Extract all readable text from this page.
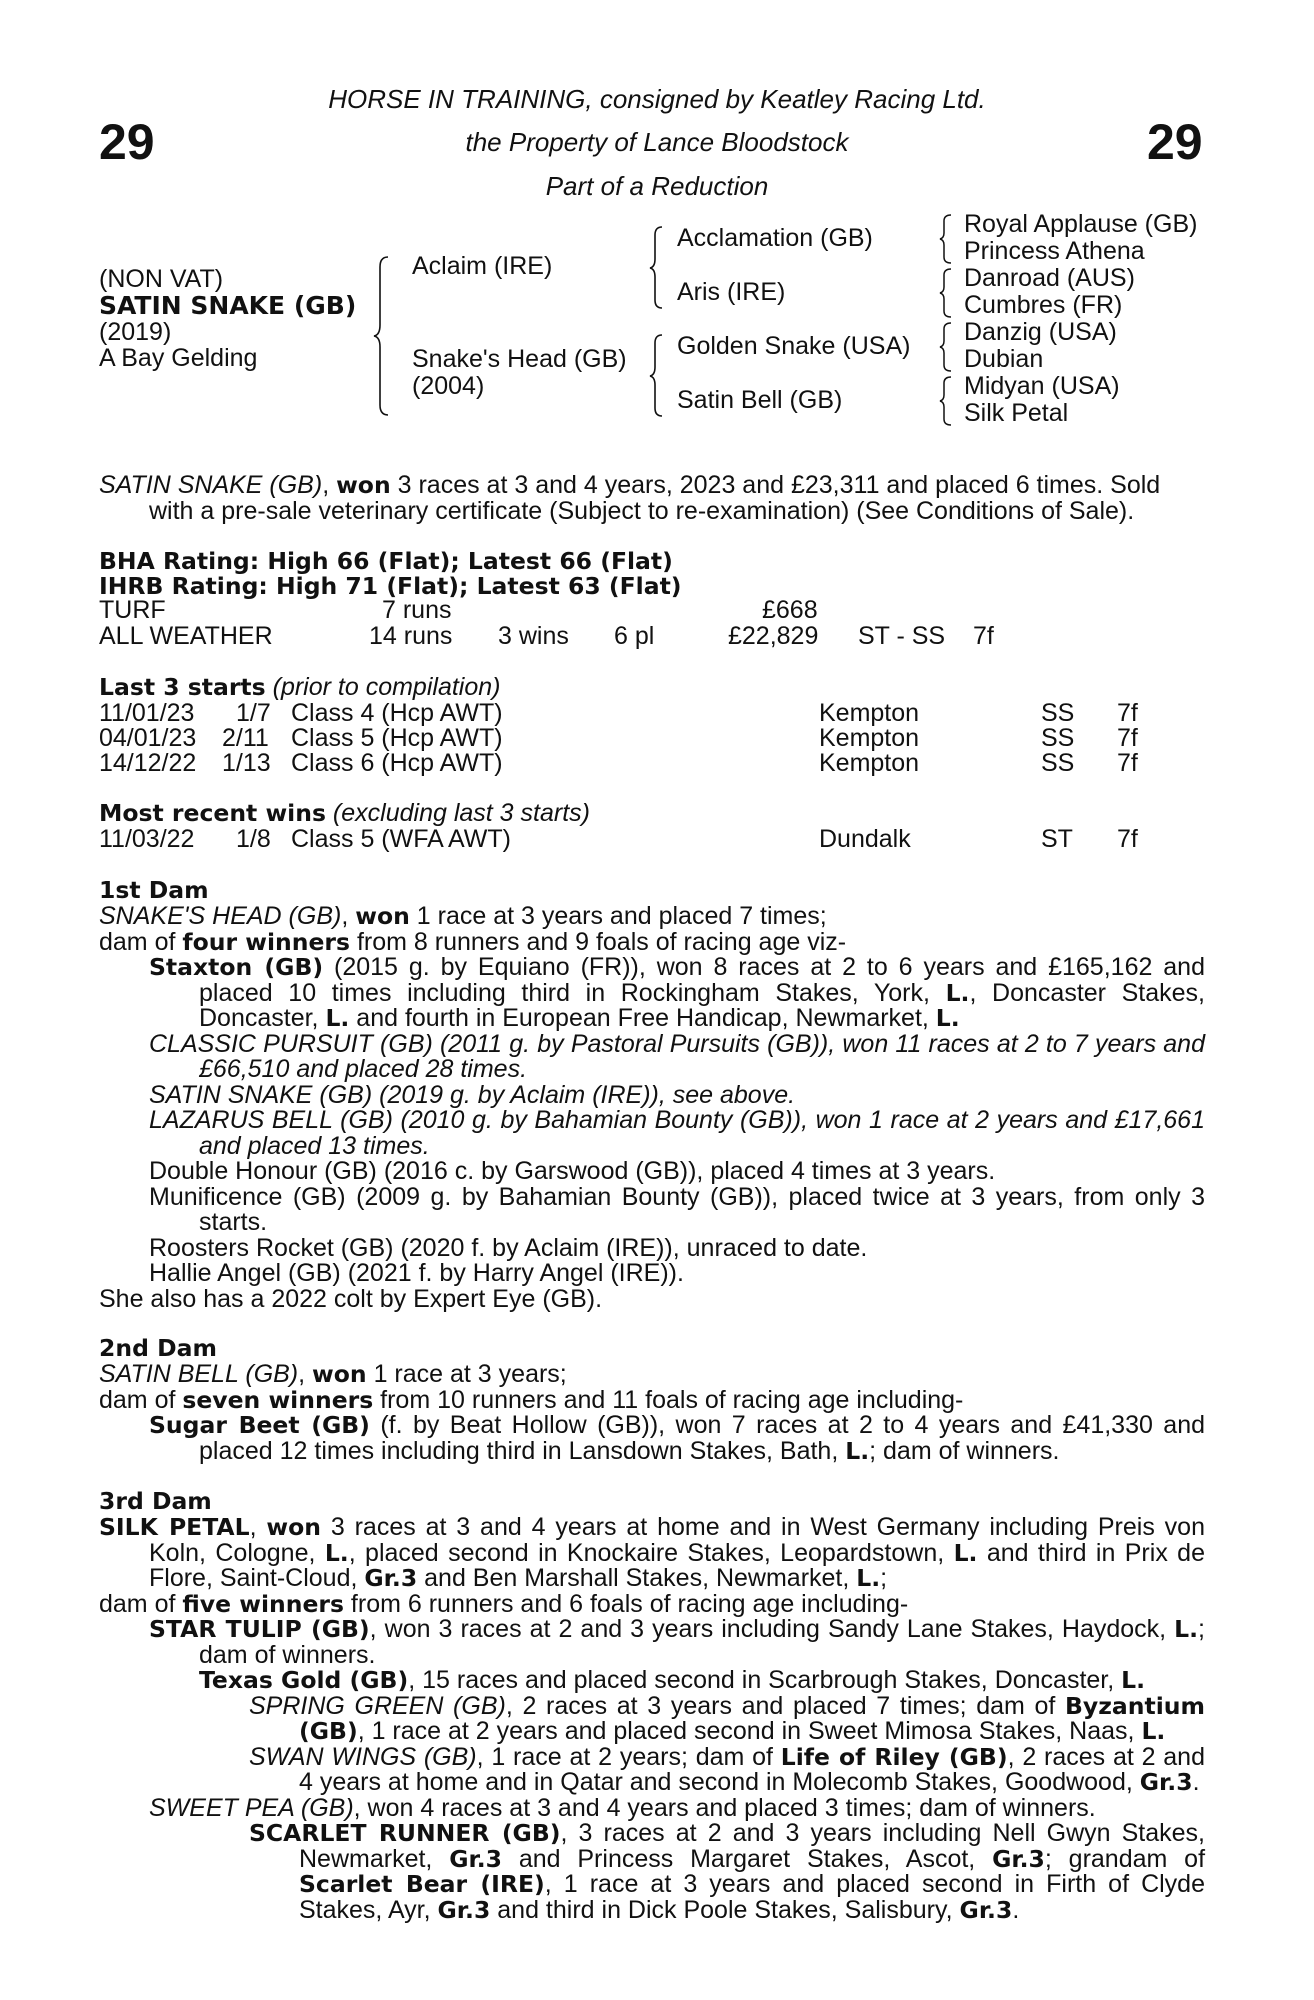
29	29
HORSE IN TRAINING, consigned by Keatley Racing Ltd.
the Property of Lance Bloodstock
Part of a Reduction
(NON VAT)
SATIN SNAKE (GB)
(2019)
A Bay Gelding
Aclaim (IRE)
Snake's Head (GB)
(2004)
Acclamation (GB)
Aris (IRE)
Golden Snake (USA)
Satin Bell (GB)
Royal Applause (GB)
Princess Athena
Danroad (AUS)
Cumbres (FR)
Danzig (USA)
Dubian
Midyan (USA)
Silk Petal
SATIN SNAKE (GB), won 3 races at 3 and 4 years, 2023 and £23,311 and placed 6 times. Sold
with a pre-sale veterinary certificate (Subject to re-examination) (See Conditions of Sale).
BHA Rating: High 66 (Flat); Latest 66 (Flat)
IHRB Rating: High 71 (Flat); Latest 63 (Flat)
TURF	7 runs	£668
ALL WEATHER	14 runs 3 wins 6 pl	£22,829 ST - SS 7f
Last 3 starts (prior to compilation)
11/01/23 1/7 Class 4 (Hcp AWT)	Kempton	SS 7f
04/01/23 2/11 Class 5 (Hcp AWT)	Kempton	SS 7f
14/12/22 1/13 Class 6 (Hcp AWT)	Kempton	SS 7f
Most recent wins (excluding last 3 starts)
11/03/22 1/8 Class 5 (WFA AWT)	Dundalk	ST 7f
1st Dam
SNAKE'S HEAD (GB), won 1 race at 3 years and placed 7 times;
dam of four winners from 8 runners and 9 foals of racing age viz-
Staxton (GB) (2015 g. by Equiano (FR)), won 8 races at 2 to 6 years and £165,162 and placed 10 times including third in Rockingham Stakes, York, L., Doncaster Stakes, Doncaster, L. and fourth in European Free Handicap, Newmarket, L.
CLASSIC PURSUIT (GB) (2011 g. by Pastoral Pursuits (GB)), won 11 races at 2 to 7 years and £66,510 and placed 28 times.
SATIN SNAKE (GB) (2019 g. by Aclaim (IRE)), see above.
LAZARUS BELL (GB) (2010 g. by Bahamian Bounty (GB)), won 1 race at 2 years and £17,661 and placed 13 times.
Double Honour (GB) (2016 c. by Garswood (GB)), placed 4 times at 3 years.
Munificence (GB) (2009 g. by Bahamian Bounty (GB)), placed twice at 3 years, from only 3 starts.
Roosters Rocket (GB) (2020 f. by Aclaim (IRE)), unraced to date.
Hallie Angel (GB) (2021 f. by Harry Angel (IRE)).
She also has a 2022 colt by Expert Eye (GB).
2nd Dam
SATIN BELL (GB), won 1 race at 3 years;
dam of seven winners from 10 runners and 11 foals of racing age including-
Sugar Beet (GB) (f. by Beat Hollow (GB)), won 7 races at 2 to 4 years and £41,330 and placed 12 times including third in Lansdown Stakes, Bath, L.; dam of winners.
3rd Dam
SILK PETAL, won 3 races at 3 and 4 years at home and in West Germany including Preis von Koln, Cologne, L., placed second in Knockaire Stakes, Leopardstown, L. and third in Prix de Flore, Saint-Cloud, Gr.3 and Ben Marshall Stakes, Newmarket, L.;
dam of five winners from 6 runners and 6 foals of racing age including-
STAR TULIP (GB), won 3 races at 2 and 3 years including Sandy Lane Stakes, Haydock, L.; dam of winners.
Texas Gold (GB), 15 races and placed second in Scarbrough Stakes, Doncaster, L.
SPRING GREEN (GB), 2 races at 3 years and placed 7 times; dam of Byzantium (GB), 1 race at 2 years and placed second in Sweet Mimosa Stakes, Naas, L.
SWAN WINGS (GB), 1 race at 2 years; dam of Life of Riley (GB), 2 races at 2 and 4 years at home and in Qatar and second in Molecomb Stakes, Goodwood, Gr.3.
SWEET PEA (GB), won 4 races at 3 and 4 years and placed 3 times; dam of winners.
SCARLET RUNNER (GB), 3 races at 2 and 3 years including Nell Gwyn Stakes, Newmarket, Gr.3 and Princess Margaret Stakes, Ascot, Gr.3; grandam of Scarlet Bear (IRE), 1 race at 3 years and placed second in Firth of Clyde Stakes, Ayr, Gr.3 and third in Dick Poole Stakes, Salisbury, Gr.3.
